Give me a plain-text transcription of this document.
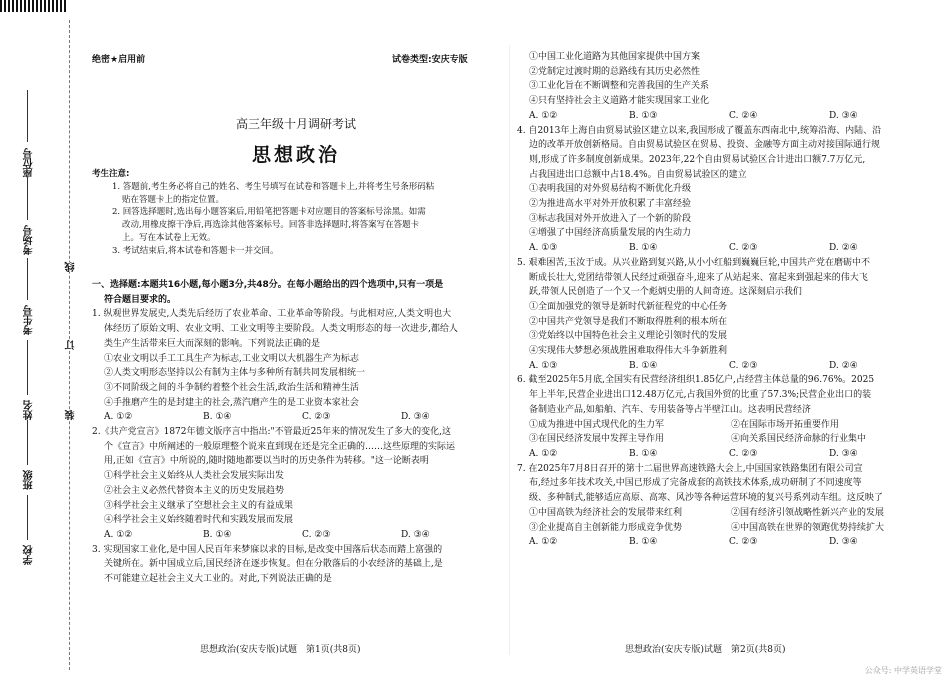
座位号
考场号
考生号
姓名
班级
学校
线
订
装
绝密★启用前	试卷类型:安庆专版
高三年级十月调研考试
思想政治

考生注意:

1. 答题前,考生务必将自己的姓名、考生号填写在试卷和答题卡上,并将考生号条形码粘

贴在答题卡上的指定位置。

2. 回答选择题时,选出每小题答案后,用铅笔把答题卡对应题目的答案标号涂黑。如需

改动,用橡皮擦干净后,再选涂其他答案标号。回答非选择题时,将答案写在答题卡

上。写在本试卷上无效。

3. 考试结束后,将本试卷和答题卡一并交回。

一、选择题:本题共16小题,每小题3分,共48分。在每小题给出的四个选项中,只有一项是

符合题目要求的。

1. 纵观世界发展史,人类先后经历了农业革命、工业革命等阶段。与此相对应,人类文明也大

体经历了原始文明、农业文明、工业文明等主要阶段。人类文明形态的每一次进步,都给人

类生产生活带来巨大而深刻的影响。下列说法正确的是

①农业文明以手工工具生产为标志,工业文明以大机器生产为标志

②人类文明形态坚持以公有制为主体与多种所有制共同发展相统一

③不同阶级之间的斗争制约着整个社会生活,政治生活和精神生活

④手推磨产生的是封建主的社会,蒸汽磨产生的是工业资本家社会

A. ①②	B. ①④	C. ②③	D. ③④

2.《共产党宣言》1872年德文版序言中指出:"不管最近25年来的情况发生了多大的变化,这

个《宣言》中所阐述的一般原理整个说来直到现在还是完全正确的……这些原理的实际运

用,正如《宣言》中所说的,随时随地都要以当时的历史条件为转移。"这一论断表明

①科学社会主义始终从人类社会发展实际出发

②社会主义必然代替资本主义的历史发展趋势

③科学社会主义继承了空想社会主义的有益成果

④科学社会主义始终随着时代和实践发展而发展

A. ①②	B. ①④	C. ②③	D. ③④

3. 实现国家工业化,是中国人民百年来梦寐以求的目标,是改变中国落后状态而踏上富强的

关键所在。新中国成立后,国民经济在逐步恢复。但在分散落后的小农经济的基础上,是

不可能建立起社会主义大工业的。对此,下列说法正确的是

①中国工业化道路为其他国家提供中国方案

②党制定过渡时期的总路线有其历史必然性

③工业化旨在不断调整和完善我国的生产关系

④只有坚持社会主义道路才能实现国家工业化

A. ①②	B. ①③	C. ②④	D. ③④

4. 自2013年上海自由贸易试验区建立以来,我国形成了覆盖东西南北中,统筹沿海、内陆、沿

边的改革开放创新格局。自由贸易试验区在贸易、投资、金融等方面主动对接国际通行规

则,形成了许多制度创新成果。2023年,22个自由贸易试验区合计进出口额7.7万亿元,

占我国进出口总额中占18.4%。自由贸易试验区的建立

①表明我国的对外贸易结构不断优化升级

②为推进高水平对外开放积累了丰富经验

③标志我国对外开放进入了一个新的阶段

④增强了中国经济高质量发展的内生动力

A. ①③	B. ①④	C. ②③	D. ②④

5. 艰难困苦,玉汝于成。从兴业路到复兴路,从小小红船到巍巍巨轮,中国共产党在磨砺中不

断成长壮大,党团结带领人民经过顽强奋斗,迎来了从站起来、富起来到强起来的伟大飞

跃,带领人民创造了一个又一个彪炳史册的人间奇迹。这深刻启示我们

①全面加强党的领导是新时代新征程党的中心任务

②中国共产党领导是我们不断取得胜利的根本所在

③党始终以中国特色社会主义理论引领时代的发展

④实现伟大梦想必须战胜困难取得伟大斗争新胜利

A. ①③	B. ①④	C. ②③	D. ②④

6. 截至2025年5月底,全国实有民营经济组织1.85亿户,占经营主体总量的96.76%。2025

年上半年,民营企业进出口12.48万亿元,占我国外贸的比重了57.3%;民营企业出口的装

备制造业产品,如船舶、汽车、专用装备等占半壁江山。这表明民营经济

①成为推进中国式现代化的生力军	②在国际市场开拓重要作用

③在国民经济发展中发挥主导作用	④向关系国民经济命脉的行业集中

A. ①②	B. ①④	C. ②③	D. ③④

7. 在2025年7月8日召开的第十二届世界高速铁路大会上,中国国家铁路集团有限公司宣

布,经过多年技术攻关,中国已形成了完备成套的高铁技术体系,成功研制了不同速度等

级、多种制式,能够适应高原、高寒、风沙等各种运营环境的复兴号系列动车组。这反映了

①中国高铁为经济社会的发展带来红利	②国有经济引领战略性新兴产业的发展

③企业提高自主创新能力形成竞争优势	④中国高铁在世界的领跑优势持续扩大

A. ①②	B. ①④	C. ②③	D. ③④

思想政治(安庆专版)试题　第1页(共8页)	思想政治(安庆专版)试题　第2页(共8页)
公众号: 中学英语学堂
